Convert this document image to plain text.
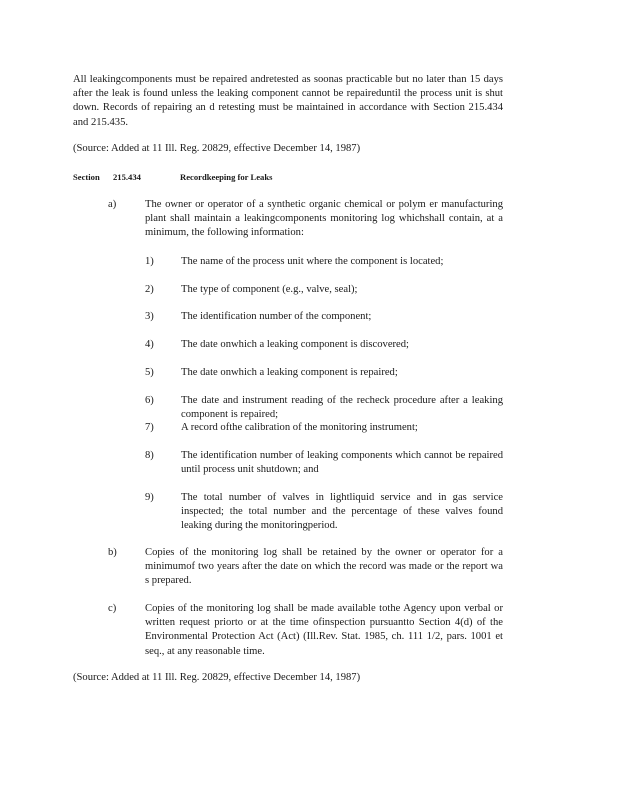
All leakingcomponents must be repaired andretested as soonas practicable but no later than 15 days after the leak is found unless the leaking component cannot be repaireduntil the process unit is shut down. Records of repairing an d retesting must be maintained in accordance with Section 215.434 and 215.435.
(Source: Added at 11 Ill. Reg. 20829, effective December 14, 1987)
Section 215.434	Recordkeeping for Leaks
a)	The owner or operator of a synthetic organic chemical or polym er manufacturing plant shall maintain a leakingcomponents monitoring log whichshall contain, at a minimum, the following information:
1)	The name of the process unit where the component is located;
2)	The type of component (e.g., valve, seal);
3)	The identification number of the component;
4)	The date onwhich a leaking component is discovered;
5)	The date onwhich a leaking component is repaired;
6)	The date and instrument reading of the recheck procedure after a leaking component is repaired;
7)	A record ofthe calibration of the monitoring instrument;
8)	The identification number of leaking components which cannot be repaired until process unit shutdown; and
9)	The total number of valves in lightliquid service and in gas service inspected; the total number and the percentage of these valves found leaking during the monitoringperiod.
b)	Copies of the monitoring log shall be retained by the owner or operator for a minimumof two years after the date on which the record was made or the report wa s prepared.
c)	Copies of the monitoring log shall be made available tothe Agency upon verbal or written request priorto or at the time ofinspection pursuantto Section 4(d) of the Environmental Protection Act (Act) (Ill.Rev. Stat. 1985, ch. 111 1/2, pars. 1001 et seq., at any reasonable time.
(Source: Added at 11 Ill. Reg. 20829, effective December 14, 1987)
